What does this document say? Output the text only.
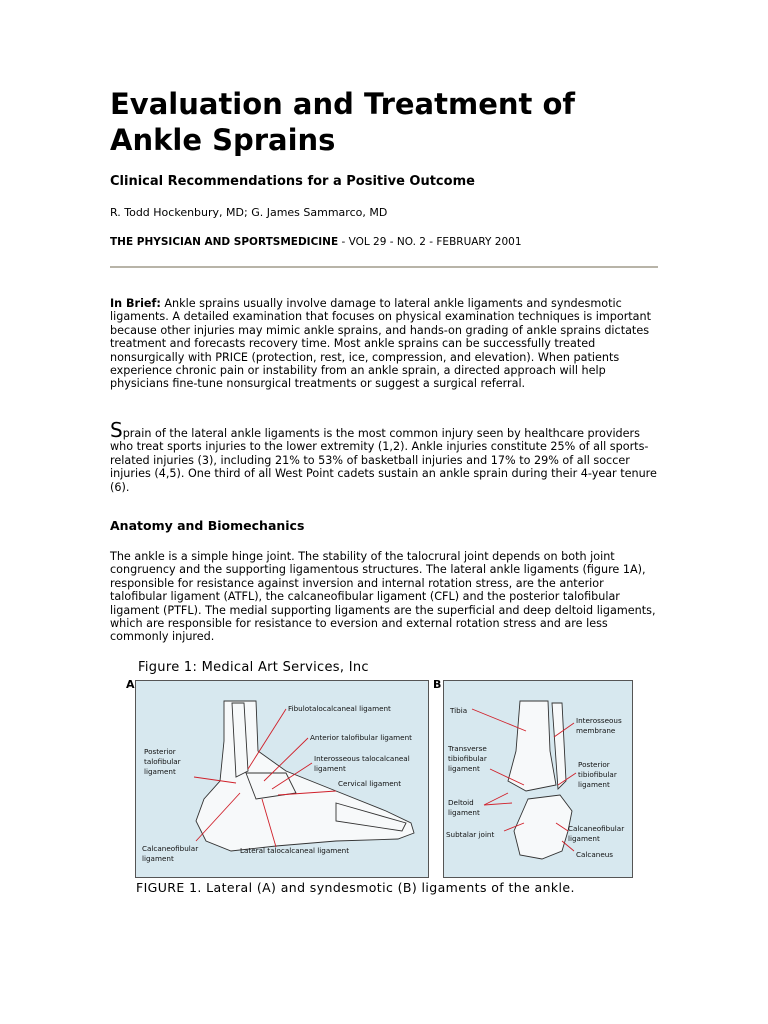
Evaluation and Treatment of Ankle Sprains

Clinical Recommendations for a Positive Outcome

R. Todd Hockenbury, MD; G. James Sammarco, MD

THE PHYSICIAN AND SPORTSMEDICINE - VOL 29 - NO. 2 - FEBRUARY 2001

In Brief: Ankle sprains usually involve damage to lateral ankle ligaments and syndesmotic ligaments. A detailed examination that focuses on physical examination techniques is important because other injuries may mimic ankle sprains, and hands-on grading of ankle sprains dictates treatment and forecasts recovery time. Most ankle sprains can be successfully treated nonsurgically with PRICE (protection, rest, ice, compression, and elevation). When patients experience chronic pain or instability from an ankle sprain, a directed approach will help physicians fine-tune nonsurgical treatments or suggest a surgical referral.

Sprain of the lateral ankle ligaments is the most common injury seen by healthcare providers who treat sports injuries to the lower extremity (1,2). Ankle injuries constitute 25% of all sports-related injuries (3), including 21% to 53% of basketball injuries and 17% to 29% of all soccer injuries (4,5). One third of all West Point cadets sustain an ankle sprain during their 4-year tenure (6).

Anatomy and Biomechanics

The ankle is a simple hinge joint. The stability of the talocrural joint depends on both joint congruency and the supporting ligamentous structures. The lateral ankle ligaments (figure 1A), responsible for resistance against inversion and internal rotation stress, are the anterior talofibular ligament (ATFL), the calcaneofibular ligament (CFL) and the posterior talofibular ligament (PTFL). The medial supporting ligaments are the superficial and deep deltoid ligaments, which are responsible for resistance to eversion and external rotation stress and are less commonly injured.

Figure 1: Medical Art Services, Inc
A	B
Fibulotalocalcaneal ligament
Anterior talofibular ligament
Interosseous talocalcaneal
ligament
Cervical ligament
Posterior
talofibular
ligament
Calcaneofibular
ligament
Lateral talocalcaneal ligament
Tibia
Interosseous
membrane
Transverse
tibiofibular
ligament	Posterior
tibiofibular
ligament
Deltoid
ligament
Subtalar joint
Calcaneofibular
ligament
Calcaneus
FIGURE 1. Lateral (A) and syndesmotic (B) ligaments of the ankle.
